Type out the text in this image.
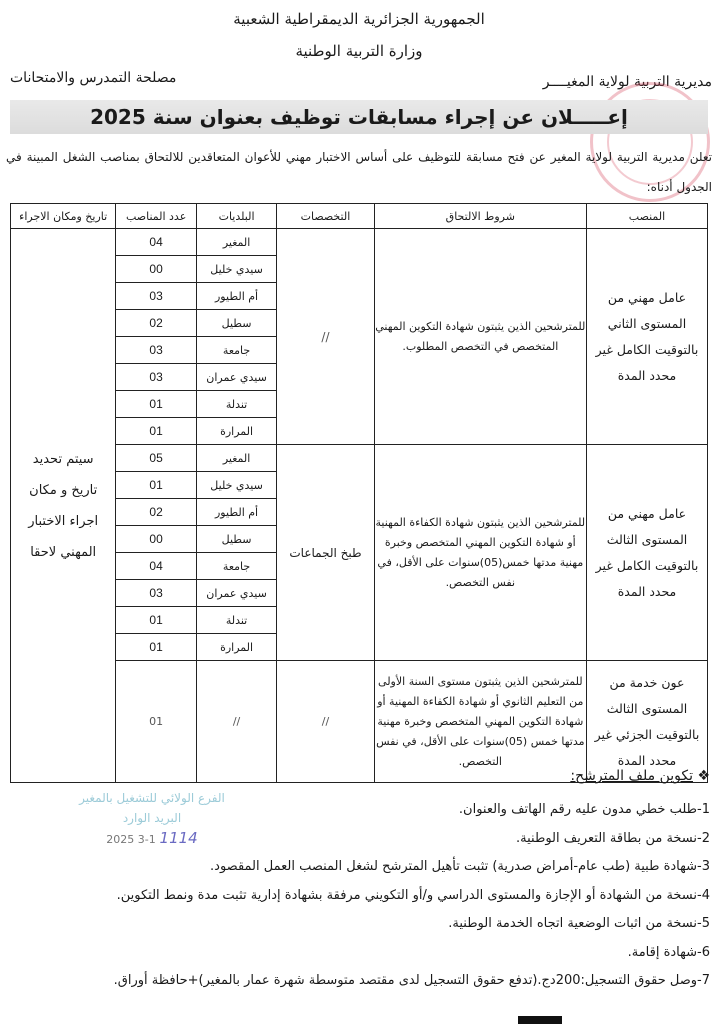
الجمهورية الجزائرية الديمقراطية الشعبية
وزارة التربية الوطنية
مديرية التربية لولاية المغيــــر
مصلحة التمدرس والامتحانات
إعـــــلان عن إجراء مسابقات توظيف بعنوان سنة 2025
تعلن مديرية التربية لولاية المغير عن فتح مسابقة للتوظيف على أساس الاختبار مهني للأعوان المتعاقدين للالتحاق بمناصب الشغل المبينة في الجدول أدناه:
المنصب	شروط الالتحاق	التخصصات	البلديات	عدد المناصب	تاريخ ومكان الاجراء
عامل مهني من المستوى الثاني بالتوقيت الكامل غير محدد المدة	للمترشحين الذين يثبتون شهادة التكوين المهني المتخصص في التخصص المطلوب.	//	المغير	04	سيتم تحديد تاريخ و مكان اجراء الاختبار المهني لاحقا
			سيدي خليل	00	
			أم الطيور	03	
			سطيل	02	
			جامعة	03	
			سيدي عمران	03	
			تندلة	01	
			المرارة	01	
عامل مهني من المستوى الثالث بالتوقيت الكامل غير محدد المدة	للمترشحين الذين يثبتون شهادة الكفاءة المهنية أو شهادة التكوين المهني المتخصص وخبرة مهنية مدتها خمس(05)سنوات على الأقل، في نفس التخصص.	طبخ الجماعات	المغير	05	
			سيدي خليل	01	
			أم الطيور	02	
			سطيل	00	
			جامعة	04	
			سيدي عمران	03	
			تندلة	01	
			المرارة	01	
عون خدمة من المستوى الثالث بالتوقيت الجزئي غير محدد المدة	للمترشحين الذين يثبتون مستوى السنة الأولى من التعليم الثانوي أو شهادة الكفاءة المهنية أو شهادة التكوين المهني المتخصص وخبرة مهنية مدتها خمس (05)سنوات على الأقل، في نفس التخصص.	//	//	01	
❖ تكوين ملف المترشح:
1-طلب خطي مدون عليه رقم الهاتف والعنوان.
2-نسخة من بطاقة التعريف الوطنية.
3-شهادة طبية (طب عام-أمراض صدرية) تثبت تأهيل المترشح لشغل المنصب العمل المقصود.
4-نسخة من الشهادة أو الإجازة والمستوى الدراسي و/أو التكويني مرفقة بشهادة إدارية تثبت مدة ونمط التكوين.
5-نسخة من اثبات الوضعية اتجاه الخدمة الوطنية.
6-شهادة إقامة.
7-وصل حقوق التسجيل:200دج.(تدفع حقوق التسجيل لدى مقتصد متوسطة شهرة عمار بالمغير)+حافظة أوراق.
الفرع الولائي للتشغيل بالمغير
البريد الوارد
2025 3-1 1114
